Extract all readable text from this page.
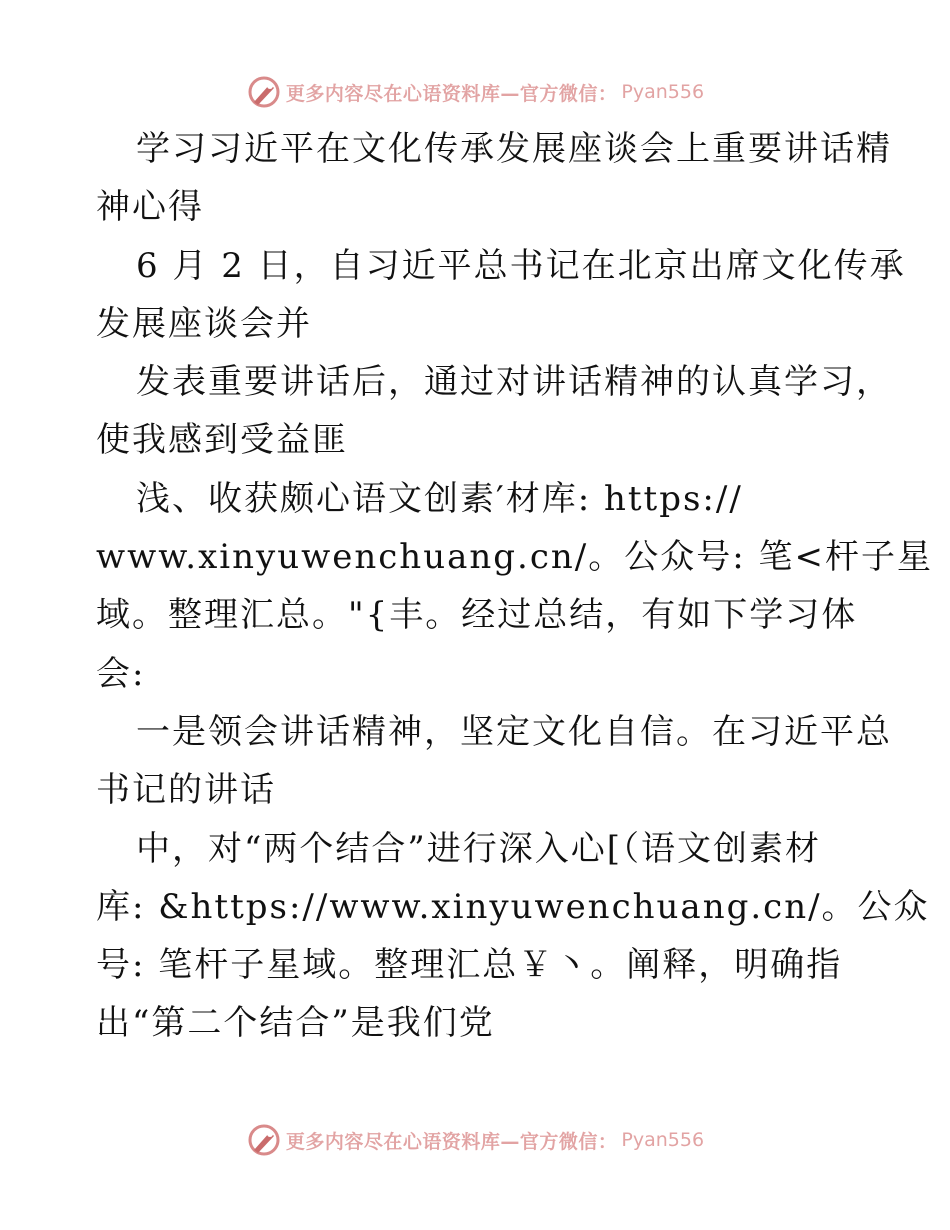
更多内容尽在心语资料库—官方微信： Pyan556
学习习近平在文化传承发展座谈会上重要讲话精
神心得
6 月 2 日，自习近平总书记在北京出席文化传承
发展座谈会并
发表重要讲话后，通过对讲话精神的认真学习，
使我感到受益匪
浅、收获颇心语文创素′材库: https://
www.xinyuwenchuang.cn/。公众号: 笔<杆子星
域。整理汇总。"{丰。经过总结，有如下学习体
会:
一是领会讲话精神，坚定文化自信。在习近平总
书记的讲话
中，对“两个结合”进行深入心[（语文创素材
库: &https://www.xinyuwenchuang.cn/。公众
号: 笔杆子星域。整理汇总￥丶。阐释，明确指
出“第二个结合”是我们党
更多内容尽在心语资料库—官方微信： Pyan556
